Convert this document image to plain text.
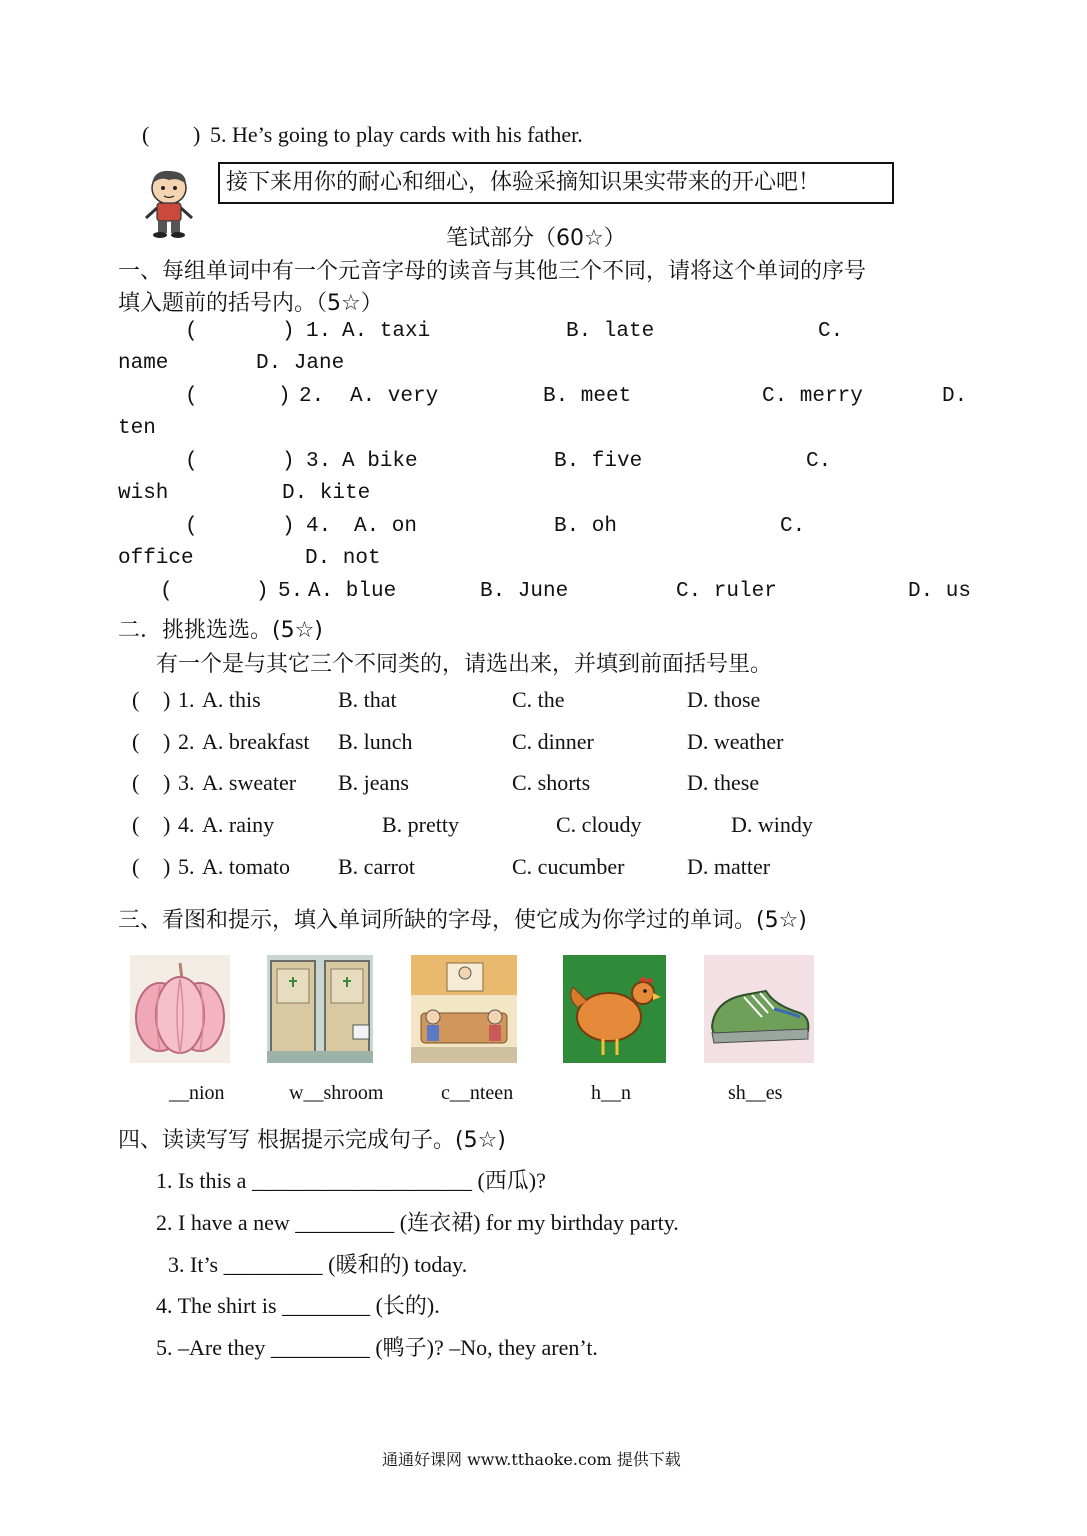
( ) 5. He’s going to play cards with his father.
接下来用你的耐心和细心，体验采摘知识果实带来的开心吧！
笔试部分（60☆）
一、每组单词中有一个元音字母的读音与其他三个不同，请将这个单词的序号
填入题前的括号内。（5☆）
(	) 1. A. taxi	B. late	C.
name	D. Jane
(	) 2. A. very	B. meet	C. merry	D.
ten
(	) 3. A bike	B. five	C.
wish	D. kite
(	) 4. A. on	B. oh	C.
office	D. not
(	) 5. A. blue	B. June	C. ruler	D. us
二．挑挑选选。(5☆)
有一个是与其它三个不同类的，请选出来，并填到前面括号里。
( ) 1. A. this	B. that	C. the	D. those
( ) 2. A. breakfast B. lunch	C. dinner	D. weather
( ) 3. A. sweater B. jeans	C. shorts	D. these
( ) 4. A. rainy	B. pretty	C. cloudy	D. windy
( ) 5. A. tomato B. carrot	C. cucumber	D. matter
三、看图和提示，填入单词所缺的字母，使它成为你学过的单词。(5☆)
__nion	w__shroom	c__nteen	h__n	sh__es
四、读读写写 根据提示完成句子。(5☆)
1. Is this a ____________________ (西瓜)?
2. I have a new _________ (连衣裙) for my birthday party.
3. It’s _________ (暖和的) today.
4. The shirt is ________ (长的).
5. –Are they _________ (鸭子)? –No, they aren’t.
通通好课网 www.tthaoke.com 提供下载
